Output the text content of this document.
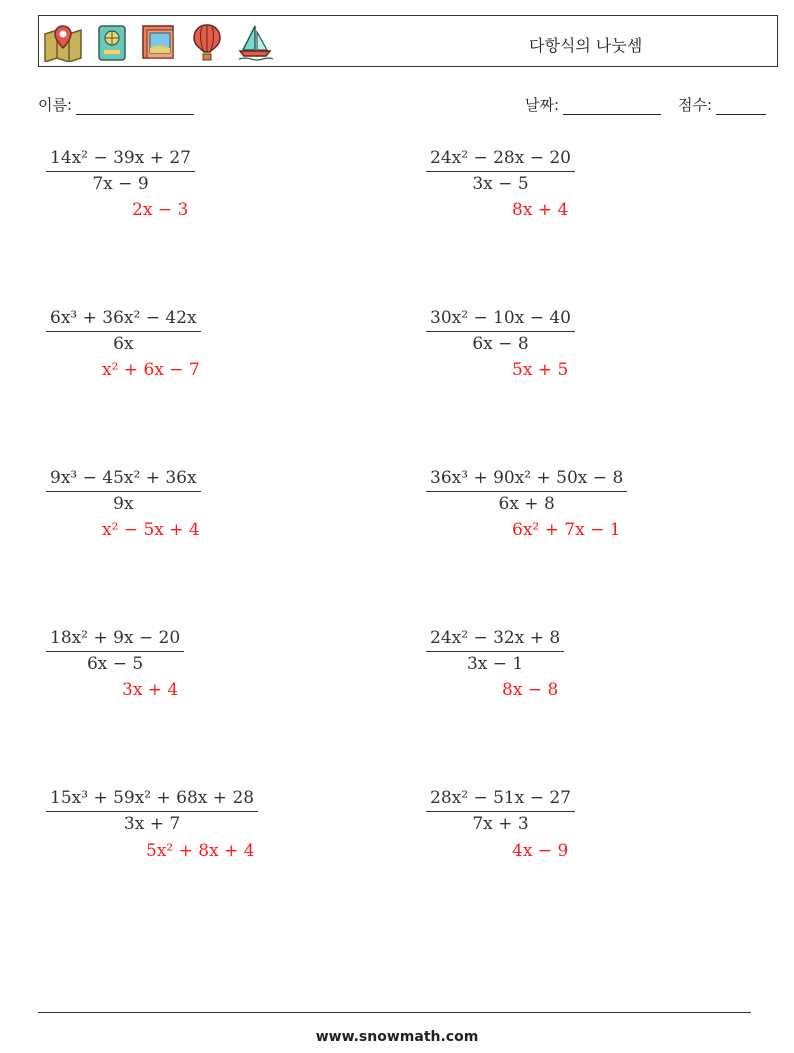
다항식의 나눗셈
이름:	날짜:	점수:
$\frac{\text{14x² − 39x + 27}}{7x - 9}$
2x − 3
$\frac{\text{24x² − 28x − 20}}{3x - 5}$
8x + 4
$\frac{\text{6x³ + 36x² − 42x}}{6x}$
x² + 6x − 7
$\frac{\text{30x² − 10x − 40}}{6x - 8}$
5x + 5
$\frac{\text{9x³ − 45x² + 36x}}{9x}$
x² − 5x + 4
$\frac{\text{36x³ + 90x² + 50x − 8}}{6x + 8}$
6x² + 7x − 1
$\frac{\text{18x² + 9x − 20}}{6x - 5}$
3x + 4
$\frac{\text{24x² − 32x + 8}}{3x - 1}$
8x − 8
$\frac{\text{15x³ + 59x² + 68x + 28}}{3x + 7}$
5x² + 8x + 4
$\frac{\text{28x² − 51x − 27}}{7x + 3}$
4x − 9
www.snowmath.com
